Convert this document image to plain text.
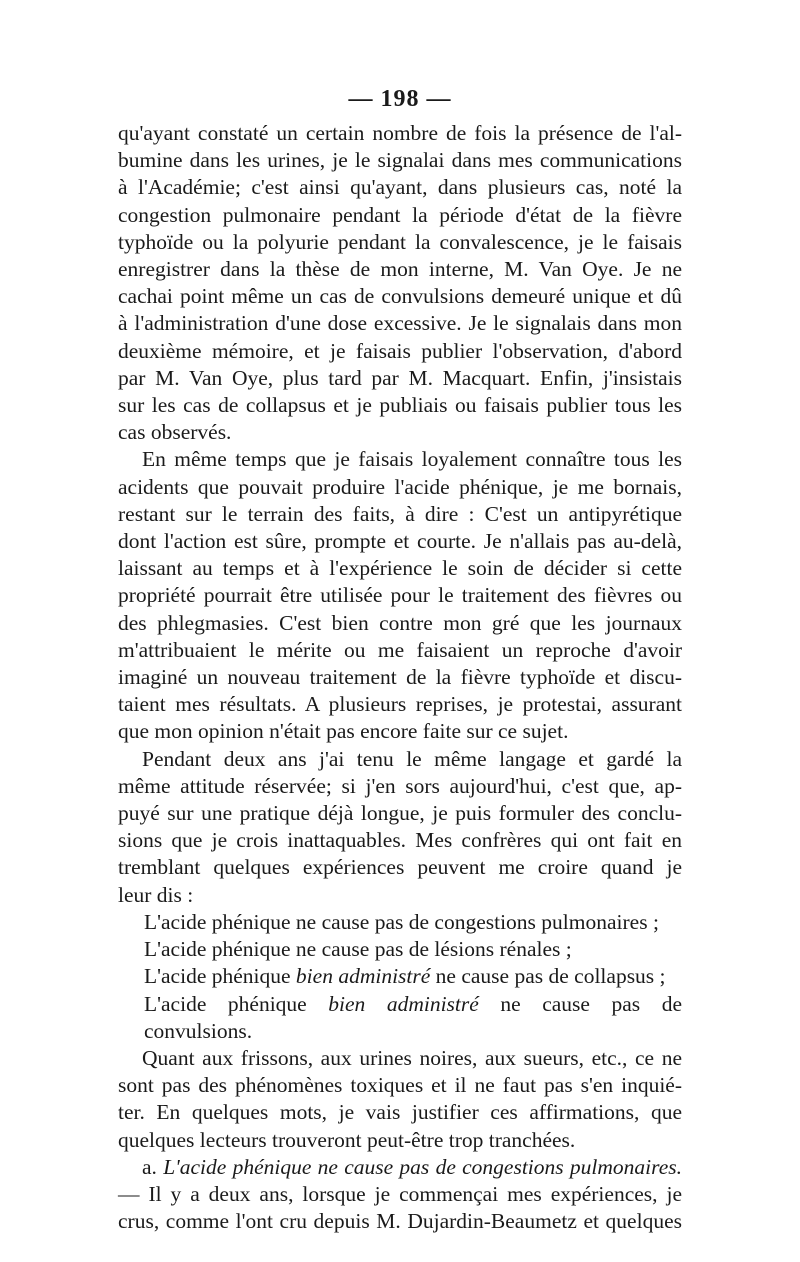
— 198 —

qu'ayant constaté un certain nombre de fois la présence de l'al-

bumine dans les urines, je le signalai dans mes communications

à l'Académie; c'est ainsi qu'ayant, dans plusieurs cas, noté la

congestion pulmonaire pendant la période d'état de la fièvre

typhoïde ou la polyurie pendant la convalescence, je le faisais

enregistrer dans la thèse de mon interne, M. Van Oye. Je ne

cachai point même un cas de convulsions demeuré unique et dû

à l'administration d'une dose excessive. Je le signalais dans mon

deuxième mémoire, et je faisais publier l'observation, d'abord

par M. Van Oye, plus tard par M. Macquart. Enfin, j'insistais

sur les cas de collapsus et je publiais ou faisais publier tous les

cas observés.

En même temps que je faisais loyalement connaître tous les

acidents que pouvait produire l'acide phénique, je me bornais,

restant sur le terrain des faits, à dire : C'est un antipyrétique

dont l'action est sûre, prompte et courte. Je n'allais pas au-delà,

laissant au temps et à l'expérience le soin de décider si cette

propriété pourrait être utilisée pour le traitement des fièvres ou

des phlegmasies. C'est bien contre mon gré que les journaux

m'attribuaient le mérite ou me faisaient un reproche d'avoir

imaginé un nouveau traitement de la fièvre typhoïde et discu-

taient mes résultats. A plusieurs reprises, je protestai, assurant

que mon opinion n'était pas encore faite sur ce sujet.

Pendant deux ans j'ai tenu le même langage et gardé la

même attitude réservée; si j'en sors aujourd'hui, c'est que, ap-

puyé sur une pratique déjà longue, je puis formuler des conclu-

sions que je crois inattaquables. Mes confrères qui ont fait en

tremblant quelques expériences peuvent me croire quand je

leur dis :

L'acide phénique ne cause pas de congestions pulmonaires ;

L'acide phénique ne cause pas de lésions rénales ;

L'acide phénique bien administré ne cause pas de collapsus ;

L'acide phénique bien administré ne cause pas de convulsions.

Quant aux frissons, aux urines noires, aux sueurs, etc., ce ne

sont pas des phénomènes toxiques et il ne faut pas s'en inquié-

ter. En quelques mots, je vais justifier ces affirmations, que

quelques lecteurs trouveront peut-être trop tranchées.

a. L'acide phénique ne cause pas de congestions pulmonaires.

— Il y a deux ans, lorsque je commençai mes expériences, je

crus, comme l'ont cru depuis M. Dujardin-Beaumetz et quelques
